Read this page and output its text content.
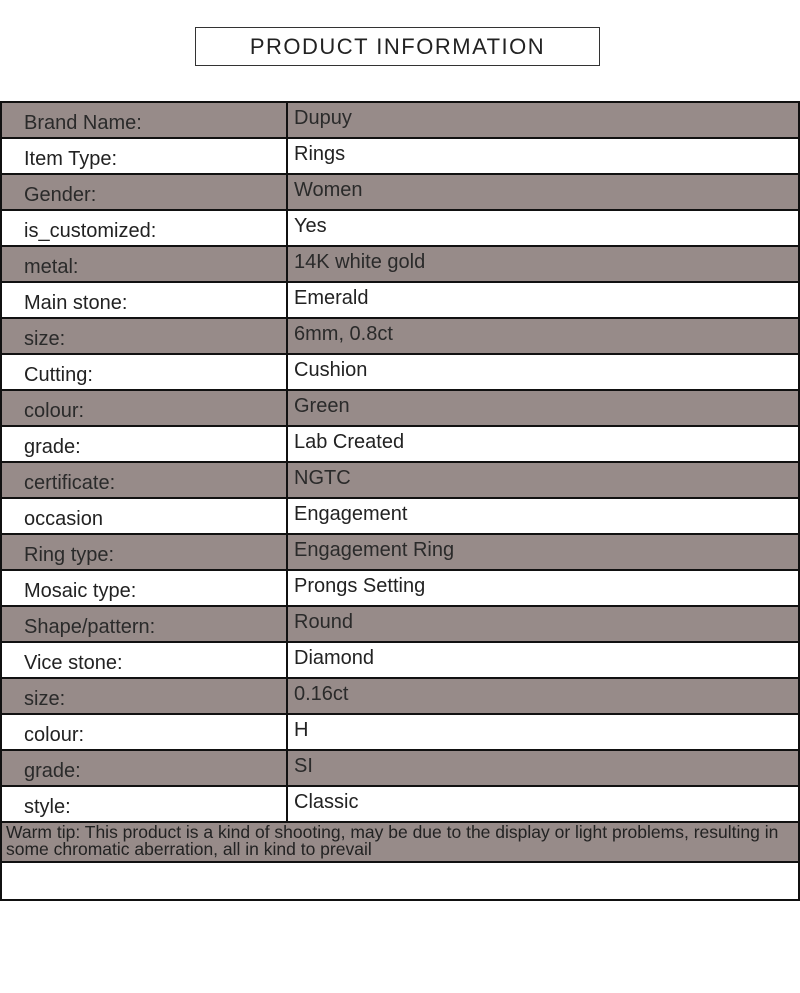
PRODUCT INFORMATION
Brand Name:	Dupuy
Item Type:	Rings
Gender:	Women
is_customized:	Yes
metal:	14K white gold
Main stone:	Emerald
size:	6mm, 0.8ct
Cutting:	Cushion
colour:	Green
grade:	Lab Created
certificate:	NGTC
occasion	Engagement
Ring type:	Engagement Ring
Mosaic type:	Prongs Setting
Shape/pattern:	Round
Vice stone:	Diamond
size:	0.16ct
colour:	H
grade:	SI
style:	Classic
Warm tip: This product is a kind of shooting, may be due to the display or light problems, resulting in some chromatic aberration, all in kind to prevail	
